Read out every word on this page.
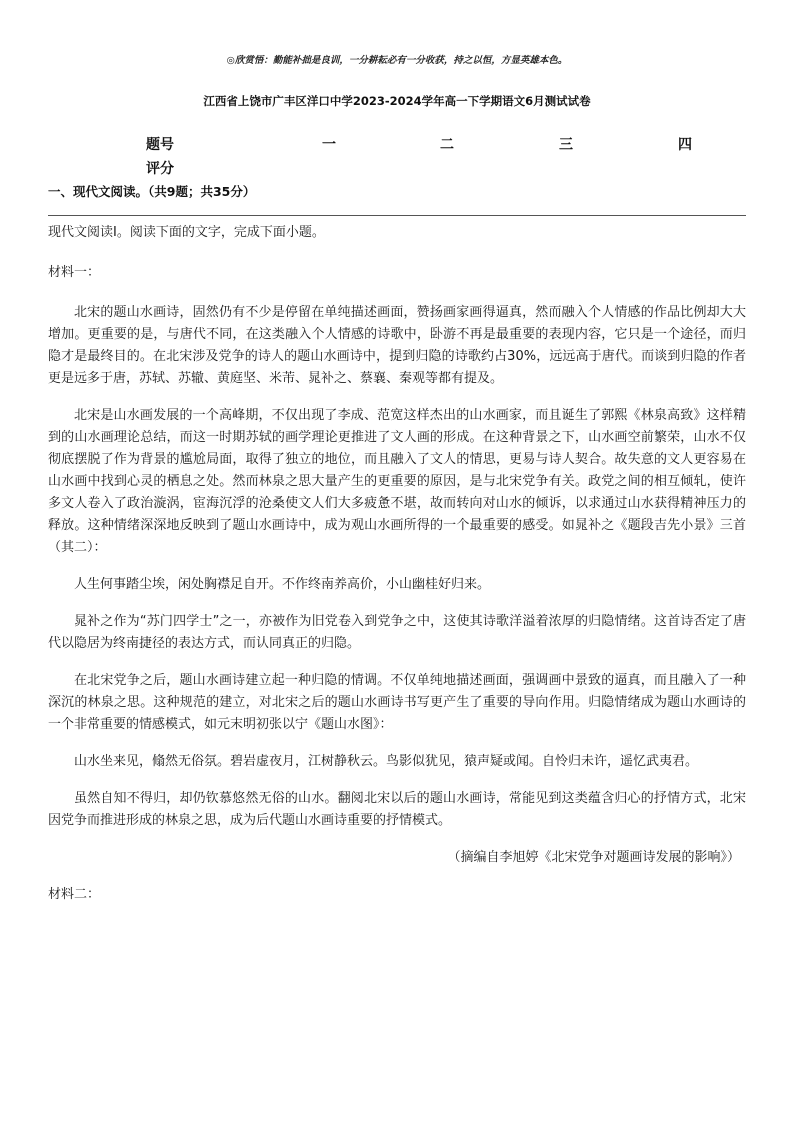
◎欣赏悟：勤能补拙是良训，一分耕耘必有一分收获，持之以恒，方显英雄本色。
江西省上饶市广丰区洋口中学2023-2024学年高一下学期语文6月测试试卷
题号	一	二	三	四
评分
一、现代文阅读。（共9题；共35分）

现代文阅读Ⅰ。阅读下面的文字，完成下面小题。

材料一：

北宋的题山水画诗，固然仍有不少是停留在单纯描述画面，赞扬画家画得逼真，然而融入个人情感的作品比例却大大增加。更重要的是，与唐代不同，在这类融入个人情感的诗歌中，卧游不再是最重要的表现内容，它只是一个途径，而归隐才是最终目的。在北宋涉及党争的诗人的题山水画诗中，提到归隐的诗歌约占30%，远远高于唐代。而谈到归隐的作者更是远多于唐，苏轼、苏辙、黄庭坚、米芾、晁补之、蔡襄、秦观等都有提及。

北宋是山水画发展的一个高峰期，不仅出现了李成、范宽这样杰出的山水画家，而且诞生了郭熙《林泉高致》这样精到的山水画理论总结，而这一时期苏轼的画学理论更推进了文人画的形成。在这种背景之下，山水画空前繁荣，山水不仅彻底摆脱了作为背景的尴尬局面，取得了独立的地位，而且融入了文人的情思，更易与诗人契合。故失意的文人更容易在山水画中找到心灵的栖息之处。然而林泉之思大量产生的更重要的原因，是与北宋党争有关。政党之间的相互倾轧，使许多文人卷入了政治漩涡，宦海沉浮的沧桑使文人们大多疲惫不堪，故而转向对山水的倾诉，以求通过山水获得精神压力的释放。这种情绪深深地反映到了题山水画诗中，成为观山水画所得的一个最重要的感受。如晁补之《题段吉先小景》三首（其二）：

人生何事踏尘埃，闲处胸襟足自开。不作终南养高价，小山幽桂好归来。

晁补之作为“苏门四学士”之一，亦被作为旧党卷入到党争之中，这使其诗歌洋溢着浓厚的归隐情绪。这首诗否定了唐代以隐居为终南捷径的表达方式，而认同真正的归隐。

在北宋党争之后，题山水画诗建立起一种归隐的情调。不仅单纯地描述画面，强调画中景致的逼真，而且融入了一种深沉的林泉之思。这种规范的建立，对北宋之后的题山水画诗书写更产生了重要的导向作用。归隐情绪成为题山水画诗的一个非常重要的情感模式，如元末明初张以宁《题山水图》：

山水坐来见，翛然无俗氛。碧岩虚夜月，江树静秋云。鸟影似犹见，猿声疑或闻。自怜归未许，遥忆武夷君。

虽然自知不得归，却仍钦慕悠然无俗的山水。翻阅北宋以后的题山水画诗，常能见到这类蕴含归心的抒情方式，北宋因党争而推进形成的林泉之思，成为后代题山水画诗重要的抒情模式。

（摘编自李旭婷《北宋党争对题画诗发展的影响》）

材料二：
